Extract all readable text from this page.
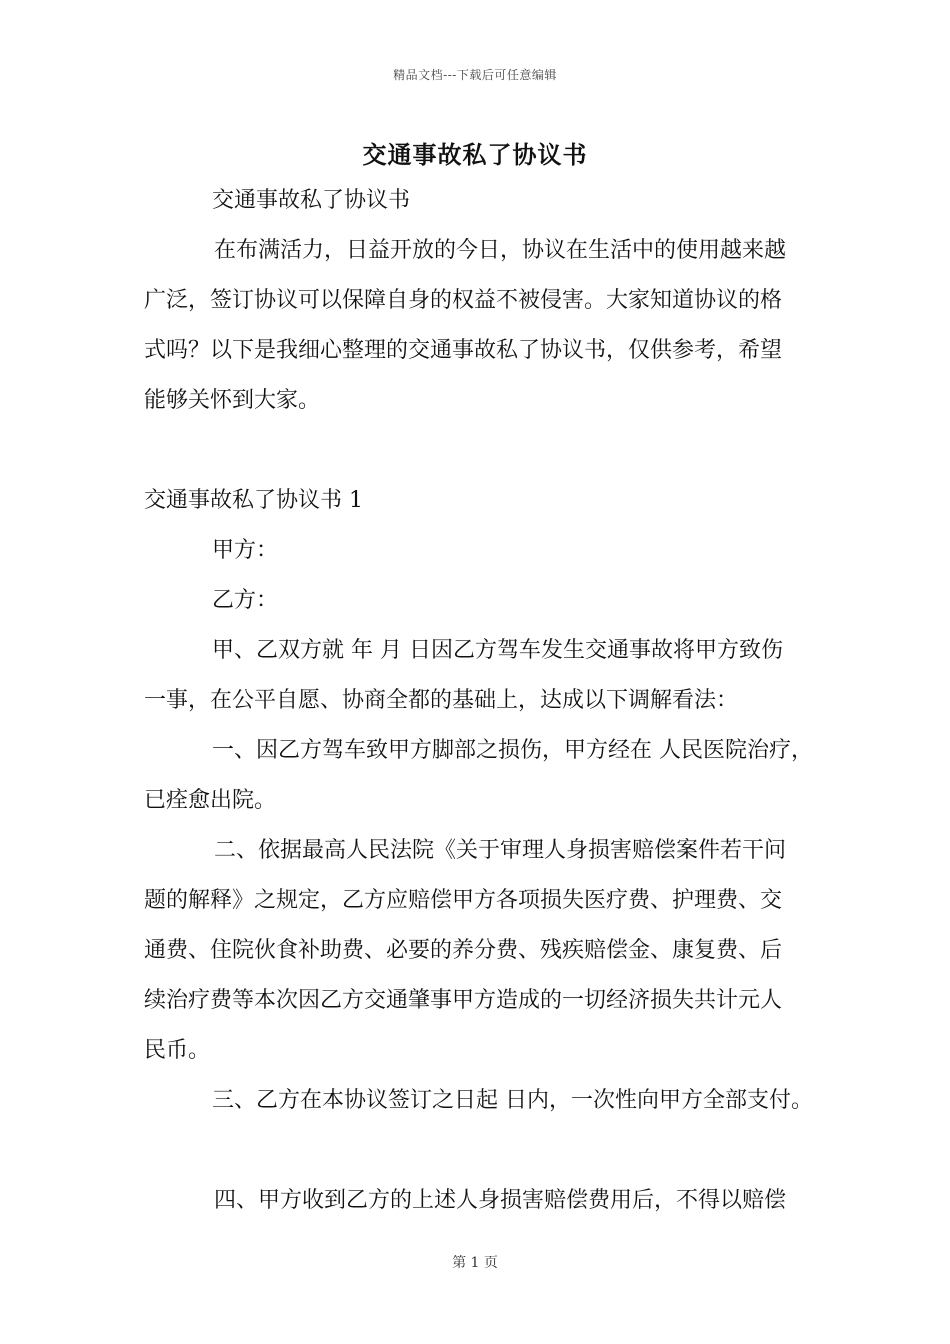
精品文档---下载后可任意编辑
交通事故私了协议书
交通事故私了协议书
在布满活力，日益开放的今日，协议在生活中的使用越来越
广泛，签订协议可以保障自身的权益不被侵害。大家知道协议的格
式吗？以下是我细心整理的交通事故私了协议书，仅供参考，希望
能够关怀到大家。
交通事故私了协议书 1
甲方：
乙方：
甲、乙双方就 年 月 日因乙方驾车发生交通事故将甲方致伤
一事，在公平自愿、协商全都的基础上，达成以下调解看法：
一、因乙方驾车致甲方脚部之损伤，甲方经在 人民医院治疗，
已痊愈出院。
二、依据最高人民法院《关于审理人身损害赔偿案件若干问
题的解释》之规定，乙方应赔偿甲方各项损失医疗费、护理费、交
通费、住院伙食补助费、必要的养分费、残疾赔偿金、康复费、后
续治疗费等本次因乙方交通肇事甲方造成的一切经济损失共计元人
民币。
三、乙方在本协议签订之日起 日内，一次性向甲方全部支付。
四、甲方收到乙方的上述人身损害赔偿费用后，不得以赔偿
第 1 页
